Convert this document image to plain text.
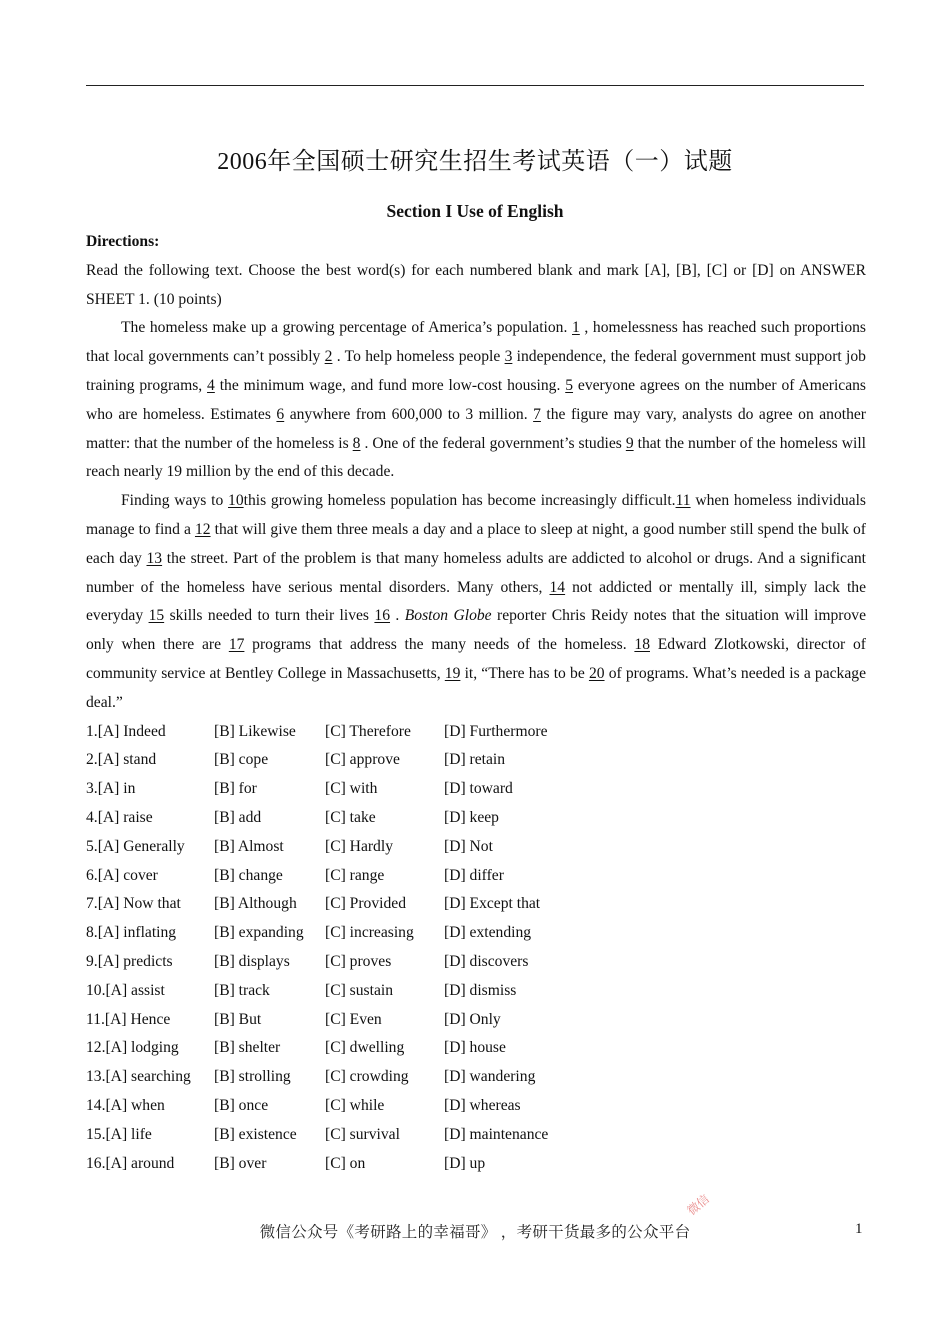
2006年全国硕士研究生招生考试英语（一）试题
Section I Use of English

Directions:

Read the following text. Choose the best word(s) for each numbered blank and mark [A], [B], [C] or [D] on ANSWER SHEET 1. (10 points)

The homeless make up a growing percentage of America’s population. 1 , homelessness has reached such proportions that local governments can’t possibly 2 . To help homeless people 3 independence, the federal government must support job training programs, 4 the minimum wage, and fund more low-cost housing. 5 everyone agrees on the number of Americans who are homeless. Estimates 6 anywhere from 600,000 to 3 million. 7 the figure may vary, analysts do agree on another matter: that the number of the homeless is 8 . One of the federal government’s studies 9 that the number of the homeless will reach nearly 19 million by the end of this decade.

Finding ways to 10this growing homeless population has become increasingly difficult.11 when homeless individuals manage to find a 12 that will give them three meals a day and a place to sleep at night, a good number still spend the bulk of each day 13 the street. Part of the problem is that many homeless adults are addicted to alcohol or drugs. And a significant number of the homeless have serious mental disorders. Many others, 14 not addicted or mentally ill, simply lack the everyday 15 skills needed to turn their lives 16 . Boston Globe reporter Chris Reidy notes that the situation will improve only when there are 17 programs that address the many needs of the homeless. 18 Edward Zlotkowski, director of community service at Bentley College in Massachusetts, 19 it, “There has to be 20 of programs. What’s needed is a package deal.”

1.[A] Indeed	[B] Likewise [C] Therefore [D] Furthermore
2.[A] stand	[B] cope	[C] approve	[D] retain
3.[A] in	[B] for	[C] with	[D] toward
4.[A] raise	[B] add	[C] take	[D] keep
5.[A] Generally [B] Almost	[C] Hardly	[D] Not
6.[A] cover	[B] change	[C] range	[D] differ
7.[A] Now that [B] Although [C] Provided [D] Except that
8.[A] inflating [B] expanding [C] increasing [D] extending
9.[A] predicts	[B] displays [C] proves	[D] discovers
10.[A] assist	[B] track	[C] sustain	[D] dismiss
11.[A] Hence	[B] But	[C] Even	[D] Only
12.[A] lodging [B] shelter	[C] dwelling	[D] house
13.[A] searching [B] strolling [C] crowding [D] wandering
14.[A] when	[B] once	[C] while	[D] whereas
15.[A] life	[B] existence [C] survival	[D] maintenance
16.[A] around	[B] over	[C] on	[D] up
微信
微信公众号《考研路上的幸福哥》 ，考研干货最多的公众平台	1
